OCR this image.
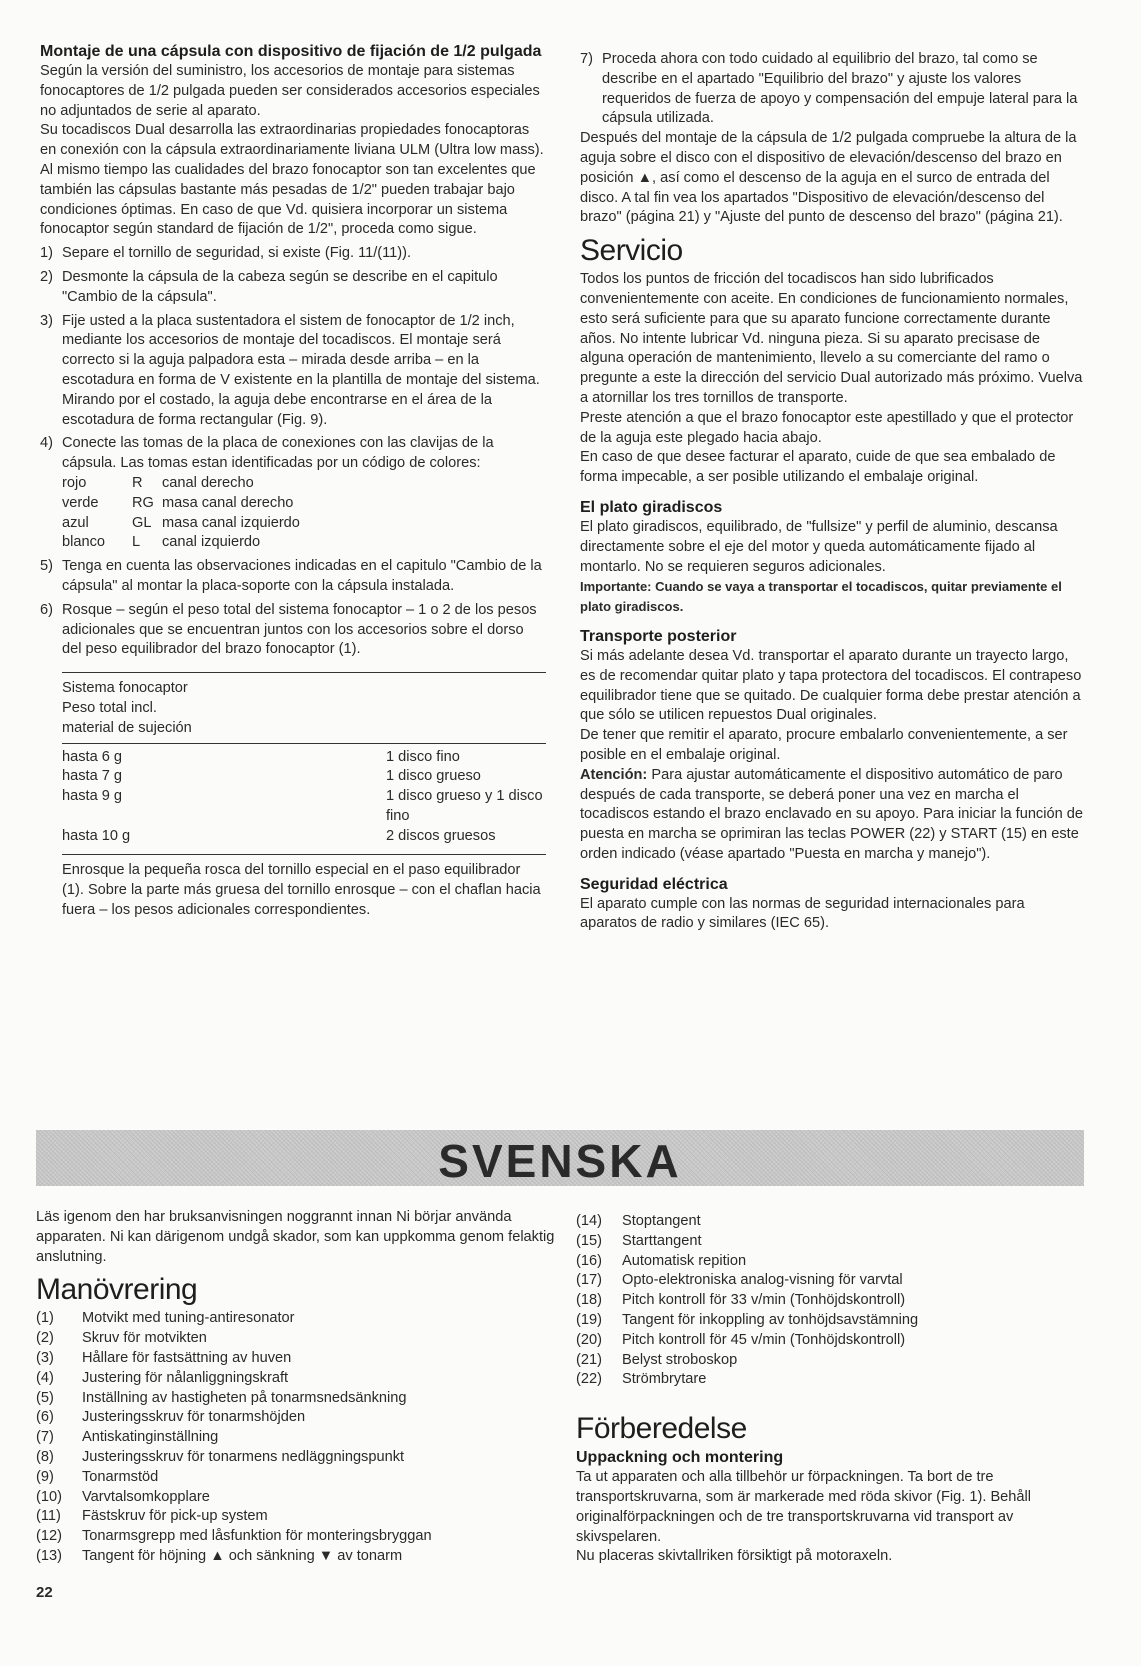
Montaje de una cápsula con dispositivo de fijación de 1/2 pulgada

Según la versión del suministro, los accesorios de montaje para sistemas fonocaptores de 1/2 pulgada pueden ser considerados accesorios especiales no adjuntados de serie al aparato.

Su tocadiscos Dual desarrolla las extraordinarias propiedades fonocaptoras en conexión con la cápsula extraordinariamente liviana ULM (Ultra low mass). Al mismo tiempo las cualidades del brazo fonocaptor son tan excelentes que también las cápsulas bastante más pesadas de 1/2" pueden trabajar bajo condiciones óptimas. En caso de que Vd. quisiera incorporar un sistema fonocaptor según standard de fijación de 1/2", proceda como sigue.

1) Separe el tornillo de seguridad, si existe (Fig. 11/(11)).
2) Desmonte la cápsula de la cabeza según se describe en el capitulo "Cambio de la cápsula".
3) Fije usted a la placa sustentadora el sistem de fonocaptor de 1/2 inch, mediante los accesorios de montaje del tocadiscos. El montaje será correcto si la aguja palpadora esta – mirada desde arriba – en la escotadura en forma de V existente en la plantilla de montaje del sistema. Mirando por el costado, la aguja debe encontrarse en el área de la escotadura de forma rectangular (Fig. 9).
4) Conecte las tomas de la placa de conexiones con las clavijas de la cápsula. Las tomas estan identificadas por un código de colores:
rojo	R	canal derecho
verde	RG masa canal derecho
azul	GL masa canal izquierdo
blanco	L	canal izquierdo
5) Tenga en cuenta las observaciones indicadas en el capitulo "Cambio de la cápsula" al montar la placa-soporte con la cápsula instalada.
6) Rosque – según el peso total del sistema fonocaptor – 1 o 2 de los pesos adicionales que se encuentran juntos con los accesorios sobre el dorso del peso equilibrador del brazo fonocaptor (1).
Sistema fonocaptor
Peso total incl.
material de sujeción
hasta 6 g	1 disco fino
hasta 7 g	1 disco grueso
hasta 9 g	1 disco grueso y 1 disco fino
hasta 10 g	2 discos gruesos

Enrosque la pequeña rosca del tornillo especial en el paso equilibrador (1). Sobre la parte más gruesa del tornillo enrosque – con el chaflan hacia fuera – los pesos adicionales correspondientes.

7) Proceda ahora con todo cuidado al equilibrio del brazo, tal como se describe en el apartado "Equilibrio del brazo" y ajuste los valores requeridos de fuerza de apoyo y compensación del empuje lateral para la cápsula utilizada.

Después del montaje de la cápsula de 1/2 pulgada compruebe la altura de la aguja sobre el disco con el dispositivo de elevación/descenso del brazo en posición ▲, así como el descenso de la aguja en el surco de entrada del disco. A tal fin vea los apartados "Dispositivo de elevación/descenso del brazo" (página 21) y "Ajuste del punto de descenso del brazo" (página 21).

Servicio

Todos los puntos de fricción del tocadiscos han sido lubrificados convenientemente con aceite. En condiciones de funcionamiento normales, esto será suficiente para que su aparato funcione correctamente durante años. No intente lubricar Vd. ninguna pieza. Si su aparato precisase de alguna operación de mantenimiento, llevelo a su comerciante del ramo o pregunte a este la dirección del servicio Dual autorizado más próximo. Vuelva a atornillar los tres tornillos de transporte.

Preste atención a que el brazo fonocaptor este apestillado y que el protector de la aguja este plegado hacia abajo.

En caso de que desee facturar el aparato, cuide de que sea embalado de forma impecable, a ser posible utilizando el embalaje original.

El plato giradiscos

El plato giradiscos, equilibrado, de "fullsize" y perfil de aluminio, descansa directamente sobre el eje del motor y queda automáticamente fijado al montarlo. No se requieren seguros adicionales.

Importante: Cuando se vaya a transportar el tocadiscos, quitar previamente el plato giradiscos.

Transporte posterior

Si más adelante desea Vd. transportar el aparato durante un trayecto largo, es de recomendar quitar plato y tapa protectora del tocadiscos. El contrapeso equilibrador tiene que se quitado. De cualquier forma debe prestar atención a que sólo se utilicen repuestos Dual originales.

De tener que remitir el aparato, procure embalarlo convenientemente, a ser posible en el embalaje original.

Atención: Para ajustar automáticamente el dispositivo automático de paro después de cada transporte, se deberá poner una vez en marcha el tocadiscos estando el brazo enclavado en su apoyo. Para iniciar la función de puesta en marcha se oprimiran las teclas POWER (22) y START (15) en este orden indicado (véase apartado "Puesta en marcha y manejo").

Seguridad eléctrica

El aparato cumple con las normas de seguridad internacionales para aparatos de radio y similares (IEC 65).

SVENSKA

Läs igenom den har bruksanvisningen noggrannt innan Ni börjar använda apparaten. Ni kan därigenom undgå skador, som kan uppkomma genom felaktig anslutning.

Manövrering
(1)	Motvikt med tuning-antiresonator
(2)	Skruv för motvikten
(3)	Hållare för fastsättning av huven
(4)	Justering för nålanliggningskraft
(5)	Inställning av hastigheten på tonarmsnedsänkning
(6)	Justeringsskruv för tonarmshöjden
(7)	Antiskatinginställning
(8)	Justeringsskruv för tonarmens nedläggningspunkt
(9)	Tonarmstöd
(10)	Varvtalsomkopplare
(11)	Fästskruv för pick-up system
(12)	Tonarmsgrepp med låsfunktion för monteringsbryggan
(13)	Tangent för höjning ▲ och sänkning ▼ av tonarm
(14)	Stoptangent
(15)	Starttangent
(16)	Automatisk repition
(17)	Opto-elektroniska analog-visning för varvtal
(18)	Pitch kontroll för 33 v/min (Tonhöjdskontroll)
(19)	Tangent för inkoppling av tonhöjdsavstämning
(20)	Pitch kontroll för 45 v/min (Tonhöjdskontroll)
(21)	Belyst stroboskop
(22)	Strömbrytare
Förberedelse
Uppackning och montering

Ta ut apparaten och alla tillbehör ur förpackningen. Ta bort de tre transportskruvarna, som är markerade med röda skivor (Fig. 1). Behåll originalförpackningen och de tre transportskruvarna vid transport av skivspelaren.

Nu placeras skivtallriken försiktigt på motoraxeln.

22
